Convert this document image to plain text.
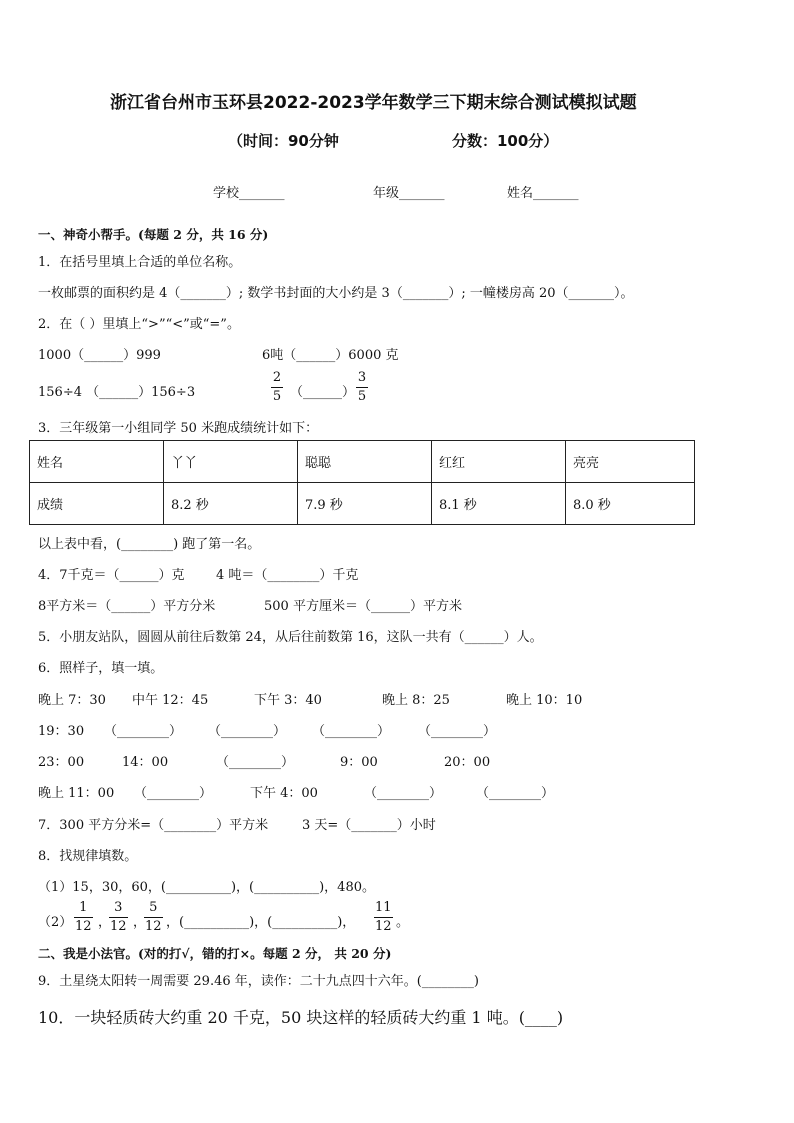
浙江省台州市玉环县2022-2023学年数学三下期末综合测试模拟试题
（时间：90分钟	分数：100分）
学校_______	年级_______	姓名_______
一、神奇小帮手。(每题 2 分，共 16 分)
1．在括号里填上合适的单位名称。
一枚邮票的面积约是 4（_______）; 数学书封面的大小约是 3（_______）; 一幢楼房高 20（_______）。
2．在（ ）里填上“>”“<”或“=”。
1000（______）999	6吨（______）6000 克
156÷4 （______）156÷3
2
5 （______）
3
5
3．三年级第一小组同学 50 米跑成绩统计如下：
姓名	丫丫	聪聪	红红	亮亮
成绩	8.2 秒	7.9 秒	8.1 秒	8.0 秒
以上表中看，(________) 跑了第一名。
4．7千克＝（______）克 4 吨＝（________）千克
8平方米＝（______）平方分米	500 平方厘米＝（______）平方米
5．小朋友站队，圆圆从前往后数第 24，从后往前数第 16，这队一共有（______）人。
6．照样子，填一填。
晚上 7：30 中午 12：45	下午 3：40	晚上 8：25	晚上 10：10
19：30 （________） （________） （________） （________）
23：00	14：00	（________）	9：00	20：00
晚上 11：00 （________）	下午 4：00	（________）	（________）
7．300 平方分米=（________）平方米	3 天=（_______）小时
8．找规律填数。
（1）15，30，60，(__________)，(__________)，480。
（2）
1
12 ，
3
12 ，
5
12 ，(__________)，(__________)，
11
12 。
二、我是小法官。(对的打√，错的打×。每题 2 分， 共 20 分)
9．土星绕太阳转一周需要 29.46 年，读作：二十九点四十六年。(________)
10．一块轻质砖大约重 20 千克，50 块这样的轻质砖大约重 1 吨。(____)
